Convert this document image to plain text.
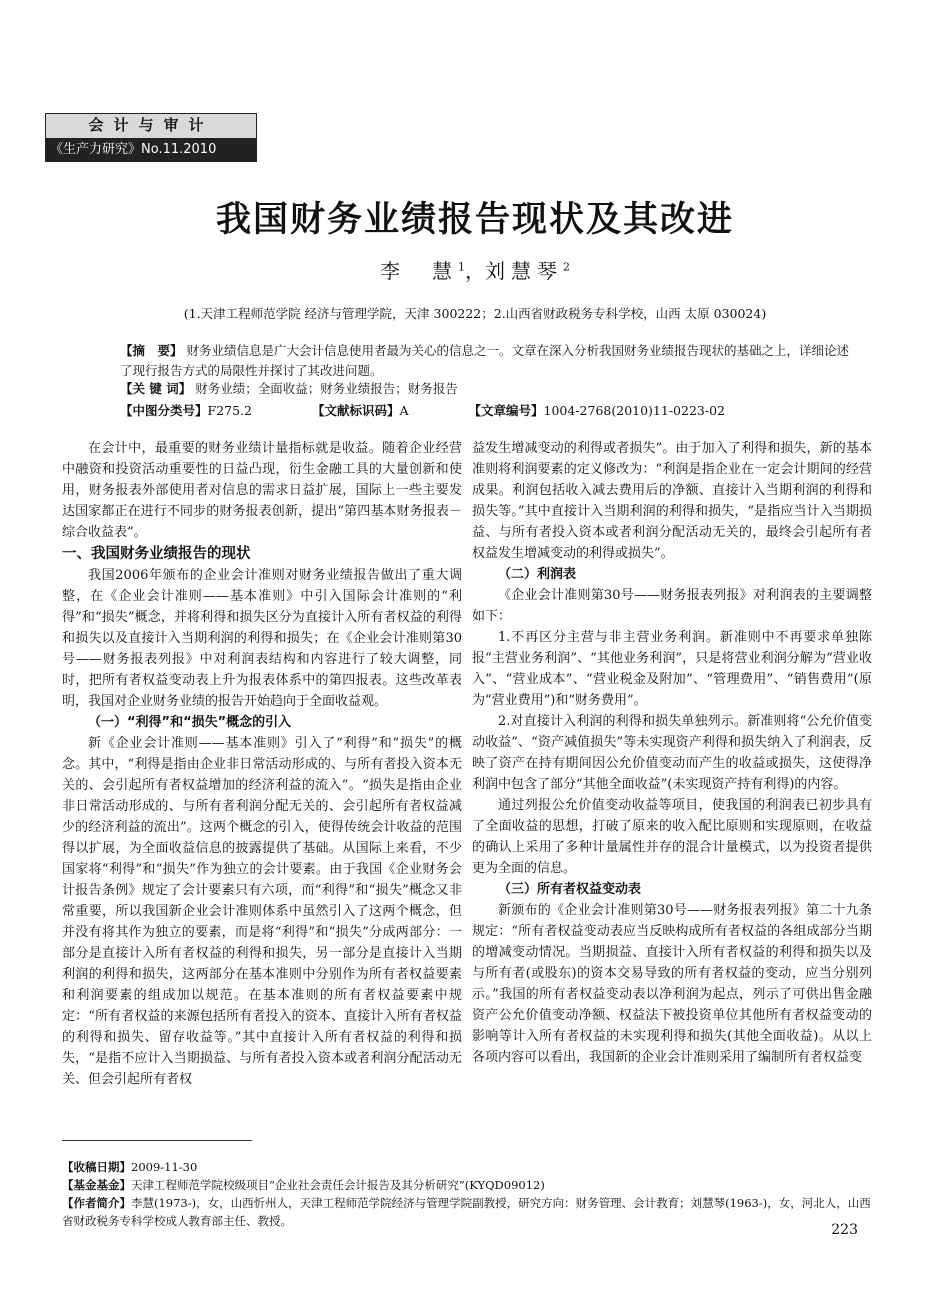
会计与审计
《生产力研究》No.11.2010
我国财务业绩报告现状及其改进
李　慧$^1$，刘慧琴$^2$
(1.天津工程师范学院 经济与管理学院，天津 300222；2.山西省财政税务专科学校，山西 太原 030024)
【摘　要】 财务业绩信息是广大会计信息使用者最为关心的信息之一。文章在深入分析我国财务业绩报告现状的基础之上，详细论述了现行报告方式的局限性并探讨了其改进问题。
【关 键 词】 财务业绩；全面收益；财务业绩报告；财务报告
【中图分类号】F275.2	【文献标识码】A	【文章编号】1004-2768(2010)11-0223-02

在会计中，最重要的财务业绩计量指标就是收益。随着企业经营中融资和投资活动重要性的日益凸现，衍生金融工具的大量创新和使用，财务报表外部使用者对信息的需求日益扩展，国际上一些主要发达国家都正在进行不同步的财务报表创新，提出“第四基本财务报表－综合收益表”。

一、我国财务业绩报告的现状

我国2006年颁布的企业会计准则对财务业绩报告做出了重大调整，在《企业会计准则——基本准则》中引入国际会计准则的“利得”和“损失”概念，并将利得和损失区分为直接计入所有者权益的利得和损失以及直接计入当期利润的利得和损失；在《企业会计准则第30号——财务报表列报》中对利润表结构和内容进行了较大调整，同时，把所有者权益变动表上升为报表体系中的第四报表。这些改革表明，我国对企业财务业绩的报告开始趋向于全面收益观。

（一）“利得”和“损失”概念的引入

新《企业会计准则——基本准则》引入了“利得”和“损失”的概念。其中，“利得是指由企业非日常活动形成的、与所有者投入资本无关的、会引起所有者权益增加的经济利益的流入”。“损失是指由企业非日常活动形成的、与所有者利润分配无关的、会引起所有者权益减少的经济利益的流出”。这两个概念的引入，使得传统会计收益的范围得以扩展，为全面收益信息的披露提供了基础。从国际上来看，不少国家将“利得”和“损失”作为独立的会计要素。由于我国《企业财务会计报告条例》规定了会计要素只有六项，而“利得”和“损失”概念又非常重要，所以我国新企业会计准则体系中虽然引入了这两个概念，但并没有将其作为独立的要素，而是将“利得”和“损失”分成两部分：一部分是直接计入所有者权益的利得和损失，另一部分是直接计入当期利润的利得和损失，这两部分在基本准则中分别作为所有者权益要素和利润要素的组成加以规范。在基本准则的所有者权益要素中规定：“所有者权益的来源包括所有者投入的资本、直接计入所有者权益的利得和损失、留存收益等。”其中直接计入所有者权益的利得和损失，“是指不应计入当期损益、与所有者投入资本或者利润分配活动无关、但会引起所有者权

益发生增减变动的利得或者损失”。由于加入了利得和损失，新的基本准则将利润要素的定义修改为：“利润是指企业在一定会计期间的经营成果。利润包括收入减去费用后的净额、直接计入当期利润的利得和损失等。”其中直接计入当期利润的利得和损失，“是指应当计入当期损益、与所有者投入资本或者利润分配活动无关的，最终会引起所有者权益发生增减变动的利得或损失”。

（二）利润表

《企业会计准则第30号——财务报表列报》对利润表的主要调整如下：

1.不再区分主营与非主营业务利润。新准则中不再要求单独陈报“主营业务利润”、“其他业务利润”，只是将营业利润分解为“营业收入”、“营业成本”、“营业税金及附加”、“管理费用”、“销售费用”(原为“营业费用”)和“财务费用”。

2.对直接计入利润的利得和损失单独列示。新准则将“公允价值变动收益”、“资产减值损失”等未实现资产利得和损失纳入了利润表，反映了资产在持有期间因公允价值变动而产生的收益或损失，这使得净利润中包含了部分“其他全面收益”(未实现资产持有利得)的内容。

通过列报公允价值变动收益等项目，使我国的利润表已初步具有了全面收益的思想，打破了原来的收入配比原则和实现原则，在收益的确认上采用了多种计量属性并存的混合计量模式，以为投资者提供更为全面的信息。

（三）所有者权益变动表

新颁布的《企业会计准则第30号——财务报表列报》第二十九条规定：“所有者权益变动表应当反映构成所有者权益的各组成部分当期的增减变动情况。当期损益、直接计入所有者权益的利得和损失以及与所有者(或股东)的资本交易导致的所有者权益的变动，应当分别列示。”我国的所有者权益变动表以净利润为起点，列示了可供出售金融资产公允价值变动净额、权益法下被投资单位其他所有者权益变动的影响等计入所有者权益的未实现利得和损失(其他全面收益)。从以上各项内容可以看出，我国新的企业会计准则采用了编制所有者权益变

【收稿日期】2009-11-30

【基金基金】天津工程师范学院校级项目“企业社会责任会计报告及其分析研究”(KYQD09012)

【作者简介】李慧(1973-)，女，山西忻州人，天津工程师范学院经济与管理学院副教授，研究方向：财务管理、会计教育；刘慧琴(1963-)，女，河北人，山西省财政税务专科学校成人教育部主任、教授。

223
